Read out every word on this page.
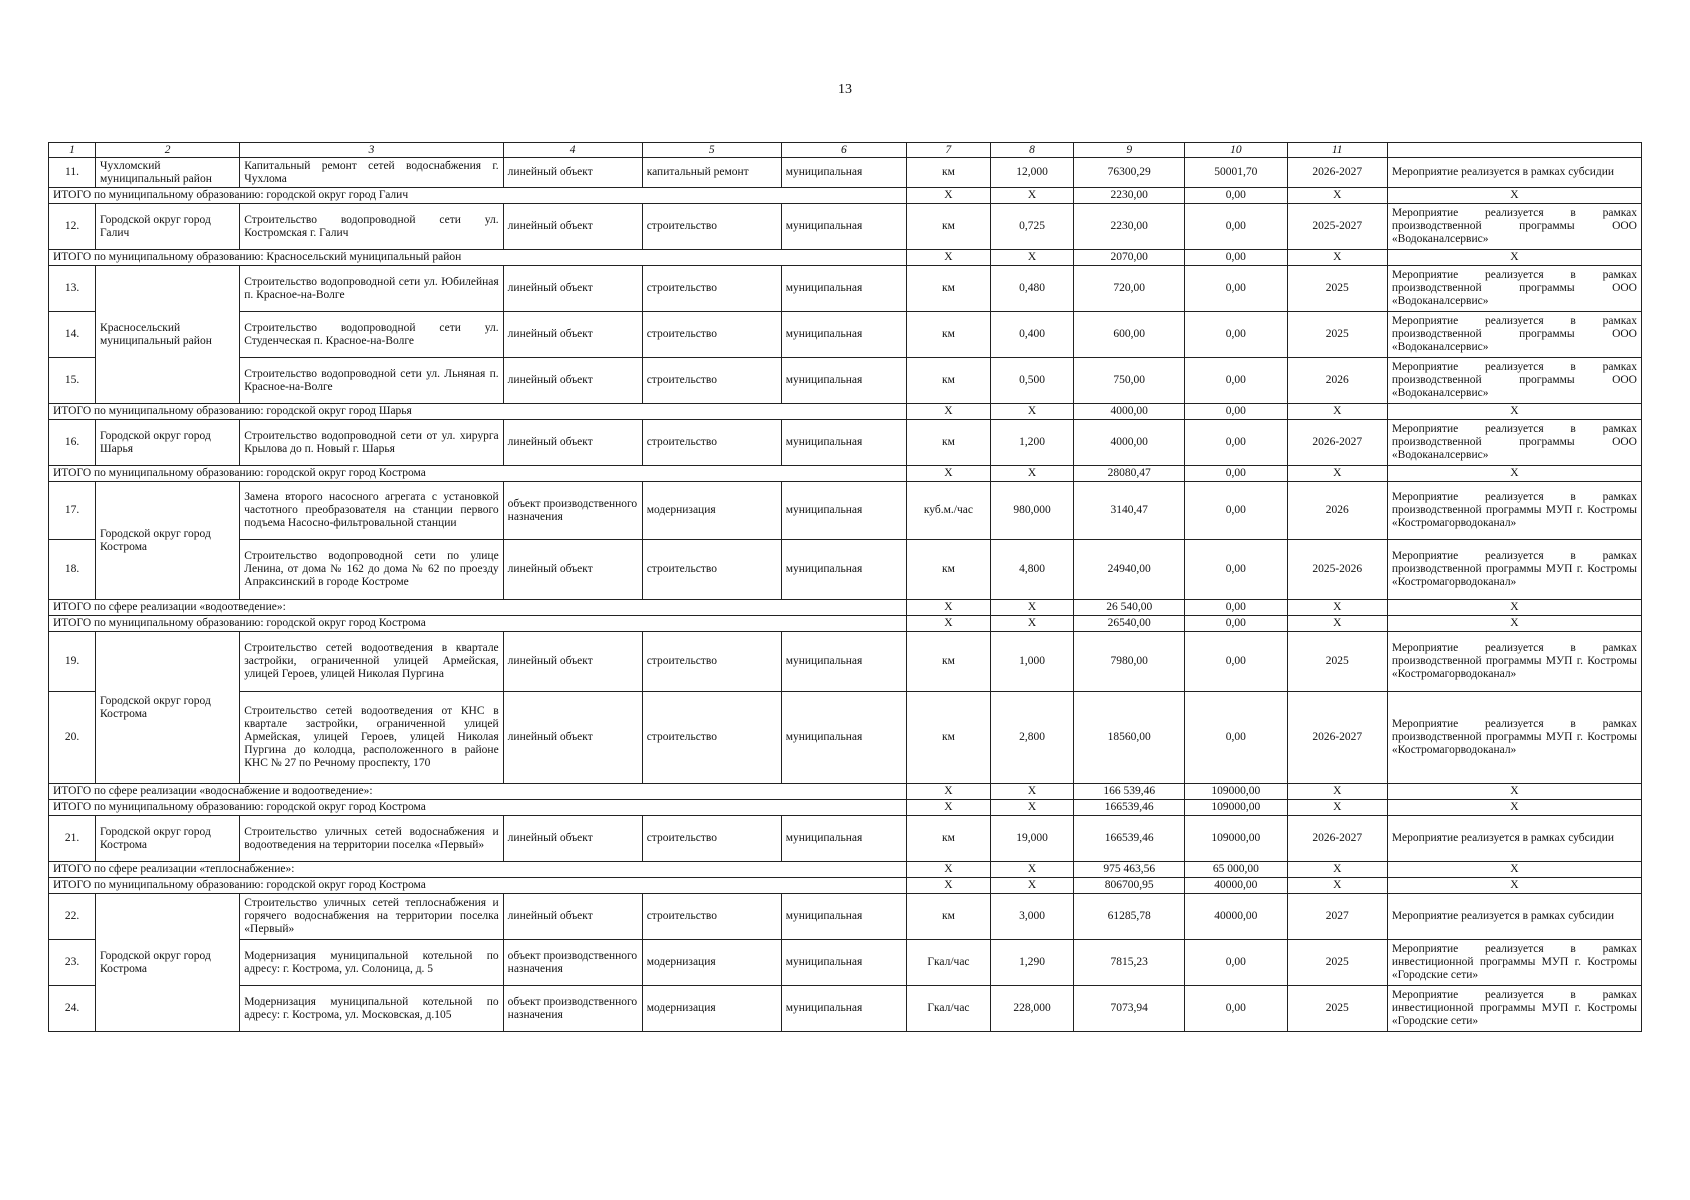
13
1	2	3	4	5	6	7	8	9	10	11	
11.	Чухломский муниципальный район	Капитальный ремонт сетей водоснабжения г. Чухлома	линейный объект	капитальный ремонт	муниципальная	км	12,000	76300,29	50001,70	2026-2027	Мероприятие реализуется в рамках субсидии
ИТОГО по муниципальному образованию: городской округ город Галич						X	X	2230,00	0,00	X	X
12.	Городской округ город Галич	Строительство водопроводной сети ул. Костромская г. Галич	линейный объект	строительство	муниципальная	км	0,725	2230,00	0,00	2025-2027	Мероприятие реализуется в рамках производственной программы ООО «Водоканалсервис»
ИТОГО по муниципальному образованию: Красносельский муниципальный район						X	X	2070,00	0,00	X	X
13.	Красносельский муниципальный район	Строительство водопроводной сети ул. Юбилейная п. Красное-на-Волге	линейный объект	строительство	муниципальная	км	0,480	720,00	0,00	2025	Мероприятие реализуется в рамках производственной программы ООО «Водоканалсервис»
14.		Строительство водопроводной сети ул. Студенческая п. Красное-на-Волге	линейный объект	строительство	муниципальная	км	0,400	600,00	0,00	2025	Мероприятие реализуется в рамках производственной программы ООО «Водоканалсервис»
15.		Строительство водопроводной сети ул. Льняная п. Красное-на-Волге	линейный объект	строительство	муниципальная	км	0,500	750,00	0,00	2026	Мероприятие реализуется в рамках производственной программы ООО «Водоканалсервис»
ИТОГО по муниципальному образованию: городской округ город Шарья						X	X	4000,00	0,00	X	X
16.	Городской округ город Шарья	Строительство водопроводной сети от ул. хирурга Крылова до п. Новый г. Шарья	линейный объект	строительство	муниципальная	км	1,200	4000,00	0,00	2026-2027	Мероприятие реализуется в рамках производственной программы ООО «Водоканалсервис»
ИТОГО по муниципальному образованию: городской округ город Кострома						X	X	28080,47	0,00	X	X
17.	Городской округ город Кострома	Замена второго насосного агрегата с установкой частотного преобразователя на станции первого подъема Насосно-фильтровальной станции	объект производственного назначения	модернизация	муниципальная	куб.м./час	980,000	3140,47	0,00	2026	Мероприятие реализуется в рамках производственной программы МУП г. Костромы «Костромагорводоканал»
18.		Строительство водопроводной сети по улице Ленина, от дома № 162 до дома № 62 по проезду Апраксинский в городе Костроме	линейный объект	строительство	муниципальная	км	4,800	24940,00	0,00	2025-2026	Мероприятие реализуется в рамках производственной программы МУП г. Костромы «Костромагорводоканал»
ИТОГО по сфере реализации «водоотведение»:						X	X	26 540,00	0,00	X	X
ИТОГО по муниципальному образованию: городской округ город Кострома						X	X	26540,00	0,00	X	X
19.	Городской округ город Кострома	Строительство сетей водоотведения в квартале застройки, ограниченной улицей Армейская, улицей Героев, улицей Николая Пургина	линейный объект	строительство	муниципальная	км	1,000	7980,00	0,00	2025	Мероприятие реализуется в рамках производственной программы МУП г. Костромы «Костромагорводоканал»
20.		Строительство сетей водоотведения от КНС в квартале застройки, ограниченной улицей Армейская, улицей Героев, улицей Николая Пургина до колодца, расположенного в районе КНС № 27 по Речному проспекту, 170	линейный объект	строительство	муниципальная	км	2,800	18560,00	0,00	2026-2027	Мероприятие реализуется в рамках производственной программы МУП г. Костромы «Костромагорводоканал»
ИТОГО по сфере реализации «водоснабжение и водоотведение»:						X	X	166 539,46	109000,00	X	X
ИТОГО по муниципальному образованию: городской округ город Кострома						X	X	166539,46	109000,00	X	X
21.	Городской округ город Кострома	Строительство уличных сетей водоснабжения и водоотведения на территории поселка «Первый»	линейный объект	строительство	муниципальная	км	19,000	166539,46	109000,00	2026-2027	Мероприятие реализуется в рамках субсидии
ИТОГО по сфере реализации «теплоснабжение»:						X	X	975 463,56	65 000,00	X	X
ИТОГО по муниципальному образованию: городской округ город Кострома						X	X	806700,95	40000,00	X	X
22.	Городской округ город Кострома	Строительство уличных сетей теплоснабжения и горячего водоснабжения на территории поселка «Первый»	линейный объект	строительство	муниципальная	км	3,000	61285,78	40000,00	2027	Мероприятие реализуется в рамках субсидии
23.		Модернизация муниципальной котельной по адресу: г. Кострома, ул. Солоница, д. 5	объект производственного назначения	модернизация	муниципальная	Гкал/час	1,290	7815,23	0,00	2025	Мероприятие реализуется в рамках инвестиционной программы МУП г. Костромы «Городские сети»
24.		Модернизация муниципальной котельной по адресу: г. Кострома, ул. Московская, д.105	объект производственного назначения	модернизация	муниципальная	Гкал/час	228,000	7073,94	0,00	2025	Мероприятие реализуется в рамках инвестиционной программы МУП г. Костромы «Городские сети»
